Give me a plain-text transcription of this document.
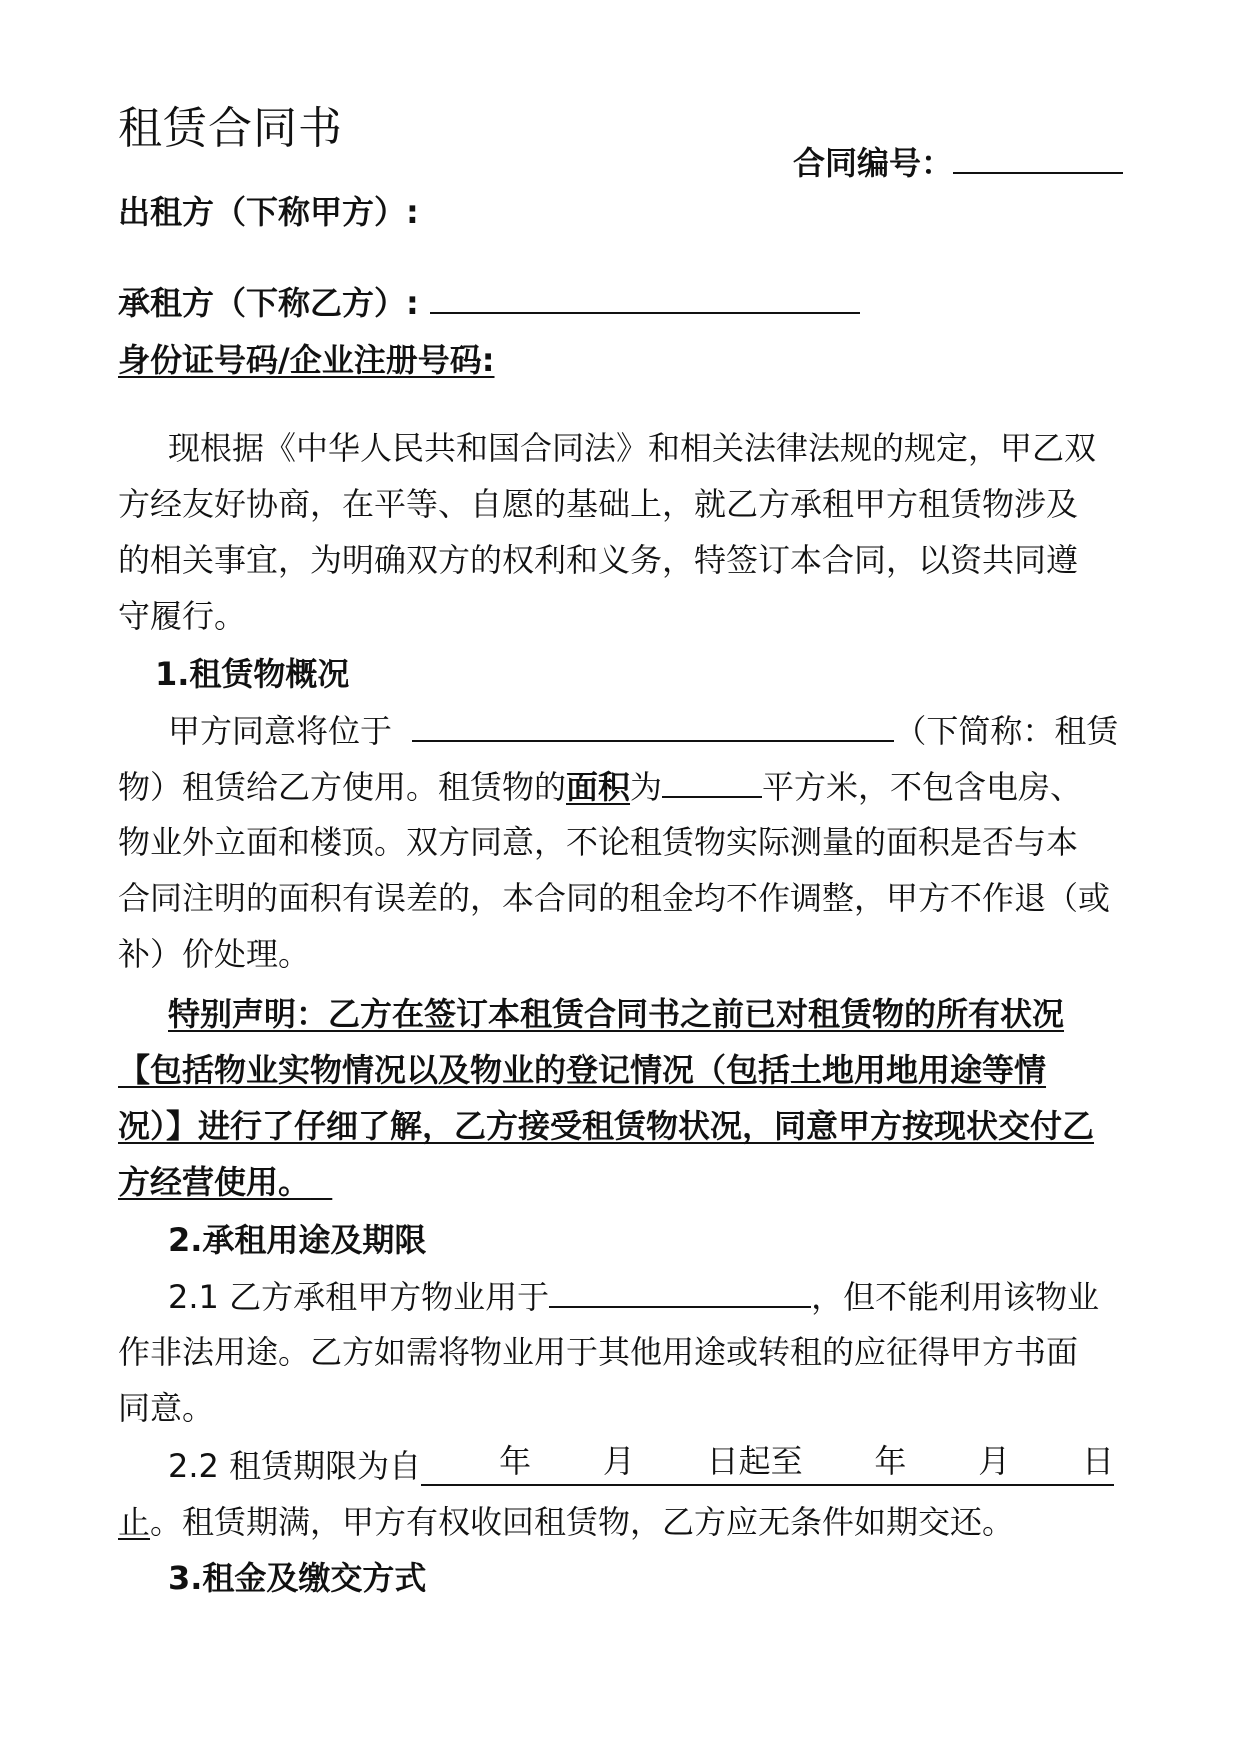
租赁合同书
合同编号：
出租方（下称甲方）:
承租方（下称乙方）:
身份证号码/企业注册号码:
现根据《中华人民共和国合同法》和相关法律法规的规定，甲乙双
方经友好协商，在平等、自愿的基础上，就乙方承租甲方租赁物涉及
的相关事宜，为明确双方的权利和义务，特签订本合同，以资共同遵
守履行。
1.租赁物概况
甲方同意将位于	（下简称：租赁
物）租赁给乙方使用。租赁物的面积为	平方米，不包含电房、
物业外立面和楼顶。双方同意，不论租赁物实际测量的面积是否与本
合同注明的面积有误差的，本合同的租金均不作调整，甲方不作退（或
补）价处理。
特别声明：乙方在签订本租赁合同书之前已对租赁物的所有状况
【包括物业实物情况以及物业的登记情况（包括土地用地用途等情
况）】进行了仔细了解，乙方接受租赁物状况，同意甲方按现状交付乙
方经营使用。
2.承租用途及期限
2.1 乙方承租甲方物业用于	，但不能利用该物业
作非法用途。乙方如需将物业用于其他用途或转租的应征得甲方书面
同意。
2.2 租赁期限为自 年 月 日起至 年 月 日
止。租赁期满，甲方有权收回租赁物，乙方应无条件如期交还。
3.租金及缴交方式
